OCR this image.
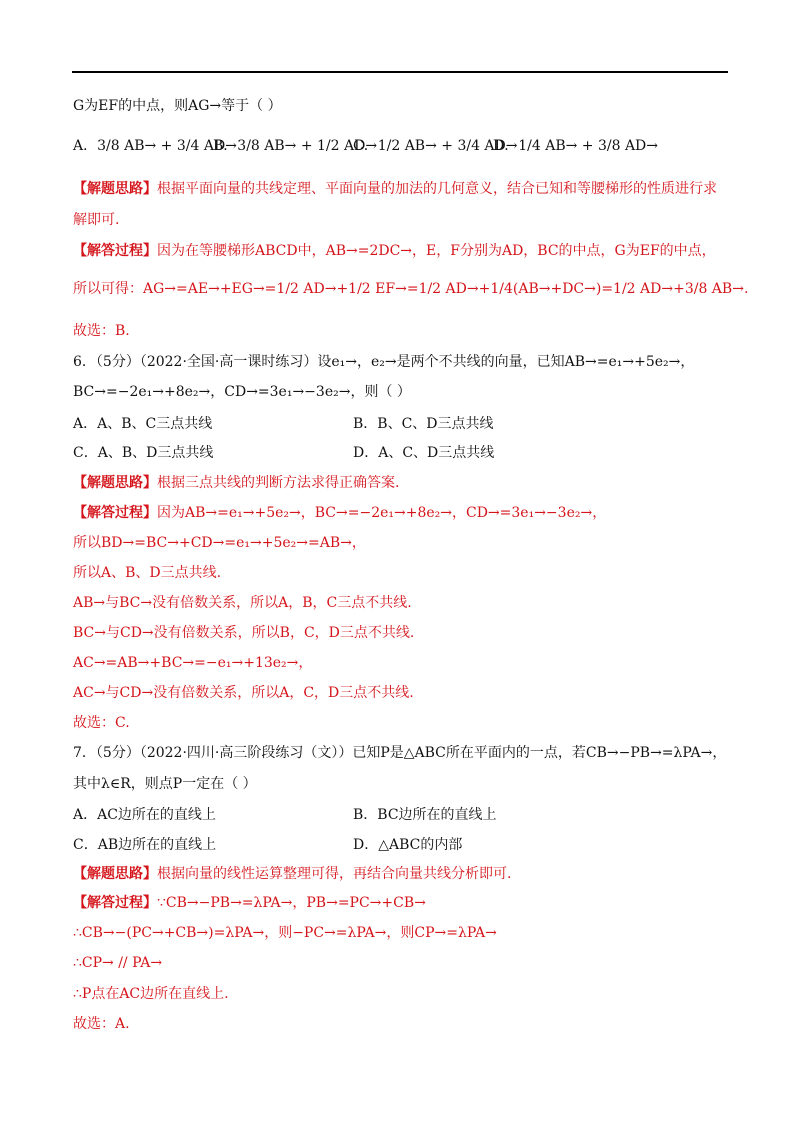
G为EF的中点，则AG→等于（ ）
A．3/8 AB→ + 3/4 AD→
B．3/8 AB→ + 1/2 AD→
C．1/2 AB→ + 3/4 AD→
D．1/4 AB→ + 3/8 AD→
【解题思路】根据平面向量的共线定理、平面向量的加法的几何意义，结合已知和等腰梯形的性质进行求
解即可.
【解答过程】因为在等腰梯形ABCD中，AB→=2DC→，E，F分别为AD，BC的中点，G为EF的中点，
所以可得：AG→=AE→+EG→=1/2 AD→+1/2 EF→=1/2 AD→+1/4(AB→+DC→)=1/2 AD→+3/8 AB→.
故选：B.
6．（5分）（2022·全国·高一课时练习）设e₁→，e₂→是两个不共线的向量，已知AB→=e₁→+5e₂→，
BC→=−2e₁→+8e₂→，CD→=3e₁→−3e₂→，则（ ）
A．A、B、C三点共线	B．B、C、D三点共线
C．A、B、D三点共线	D．A、C、D三点共线
【解题思路】根据三点共线的判断方法求得正确答案.
【解答过程】因为AB→=e₁→+5e₂→，BC→=−2e₁→+8e₂→，CD→=3e₁→−3e₂→，
所以BD→=BC→+CD→=e₁→+5e₂→=AB→，
所以A、B、D三点共线.
AB→与BC→没有倍数关系，所以A，B，C三点不共线.
BC→与CD→没有倍数关系，所以B，C，D三点不共线.
AC→=AB→+BC→=−e₁→+13e₂→，
AC→与CD→没有倍数关系，所以A，C，D三点不共线.
故选：C.
7．（5分）（2022·四川·高三阶段练习（文））已知P是△ABC所在平面内的一点，若CB→−PB→=λPA→，
其中λ∈R，则点P一定在（ ）
A．AC边所在的直线上	B．BC边所在的直线上
C．AB边所在的直线上	D．△ABC的内部
【解题思路】根据向量的线性运算整理可得，再结合向量共线分析即可.
【解答过程】∵CB→−PB→=λPA→，PB→=PC→+CB→
∴CB→−(PC→+CB→)=λPA→，则−PC→=λPA→，则CP→=λPA→
∴CP→ // PA→
∴P点在AC边所在直线上.
故选：A.
